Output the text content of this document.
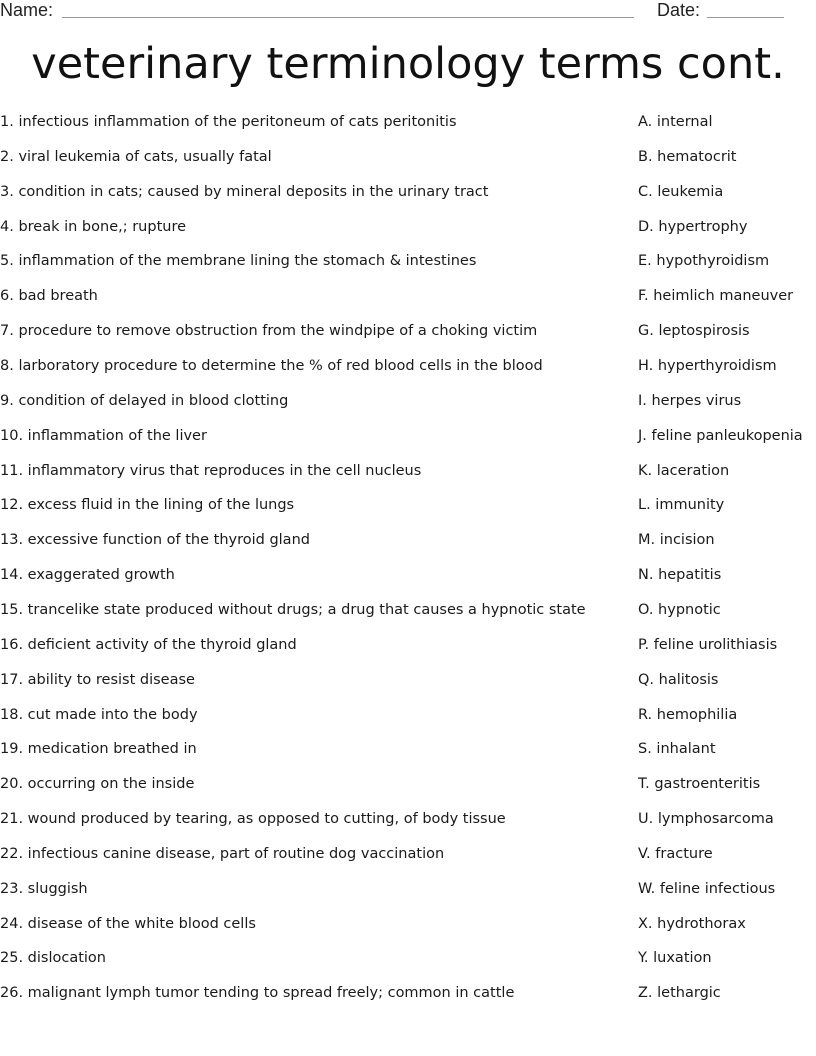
Name:	Date:
veterinary terminology terms cont.
1. infectious inflammation of the peritoneum of cats peritonitis	A. internal
2. viral leukemia of cats, usually fatal	B. hematocrit
3. condition in cats; caused by mineral deposits in the urinary tract	C. leukemia
4. break in bone,; rupture	D. hypertrophy
5. inflammation of the membrane lining the stomach & intestines	E. hypothyroidism
6. bad breath	F. heimlich maneuver
7. procedure to remove obstruction from the windpipe of a choking victim	G. leptospirosis
8. larboratory procedure to determine the % of red blood cells in the blood	H. hyperthyroidism
9. condition of delayed in blood clotting	I. herpes virus
10. inflammation of the liver	J. feline panleukopenia
11. inflammatory virus that reproduces in the cell nucleus	K. laceration
12. excess fluid in the lining of the lungs	L. immunity
13. excessive function of the thyroid gland	M. incision
14. exaggerated growth	N. hepatitis
15. trancelike state produced without drugs; a drug that causes a hypnotic state	O. hypnotic
16. deficient activity of the thyroid gland	P. feline urolithiasis
17. ability to resist disease	Q. halitosis
18. cut made into the body	R. hemophilia
19. medication breathed in	S. inhalant
20. occurring on the inside	T. gastroenteritis
21. wound produced by tearing, as opposed to cutting, of body tissue	U. lymphosarcoma
22. infectious canine disease, part of routine dog vaccination	V. fracture
23. sluggish	W. feline infectious
24. disease of the white blood cells	X. hydrothorax
25. dislocation	Y. luxation
26. malignant lymph tumor tending to spread freely; common in cattle	Z. lethargic
